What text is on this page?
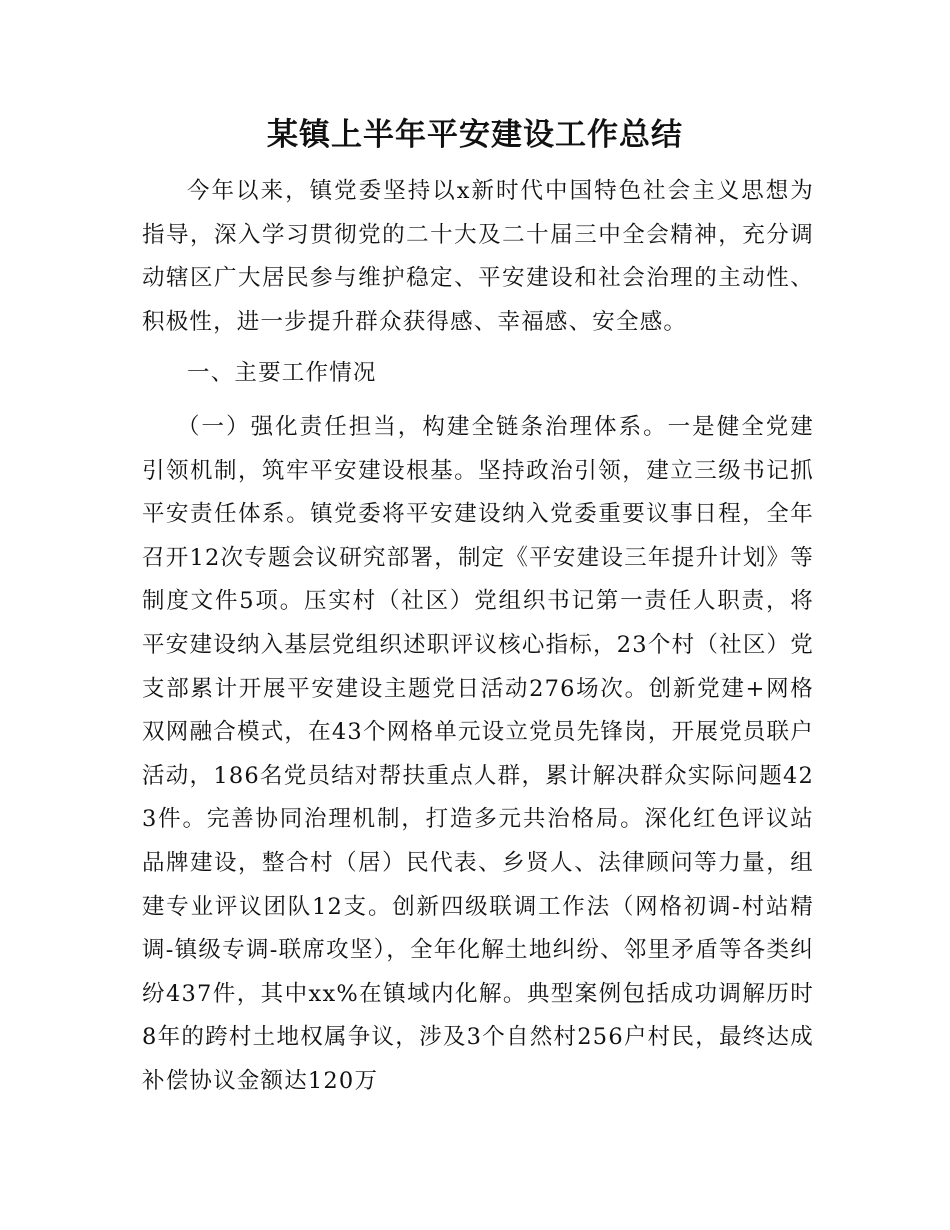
某镇上半年平安建设工作总结

今年以来，镇党委坚持以x新时代中国特色社会主义思想为指导，深入学习贯彻党的二十大及二十届三中全会精神，充分调动辖区广大居民参与维护稳定、平安建设和社会治理的主动性、积极性，进一步提升群众获得感、幸福感、安全感。

一、主要工作情况

（一）强化责任担当，构建全链条治理体系。一是健全党建引领机制，筑牢平安建设根基。坚持政治引领，建立三级书记抓平安责任体系。镇党委将平安建设纳入党委重要议事日程，全年召开12次专题会议研究部署，制定《平安建设三年提升计划》等制度文件5项。压实村（社区）党组织书记第一责任人职责，将平安建设纳入基层党组织述职评议核心指标，23个村（社区）党支部累计开展平安建设主题党日活动276场次。创新党建+网格双网融合模式，在43个网格单元设立党员先锋岗，开展党员联户活动，186名党员结对帮扶重点人群，累计解决群众实际问题423件。完善协同治理机制，打造多元共治格局。深化红色评议站品牌建设，整合村（居）民代表、乡贤人、法律顾问等力量，组建专业评议团队12支。创新四级联调工作法（网格初调-村站精调-镇级专调-联席攻坚），全年化解土地纠纷、邻里矛盾等各类纠纷437件，其中xx%在镇域内化解。典型案例包括成功调解历时8年的跨村土地权属争议，涉及3个自然村256户村民，最终达成补偿协议金额达120万
